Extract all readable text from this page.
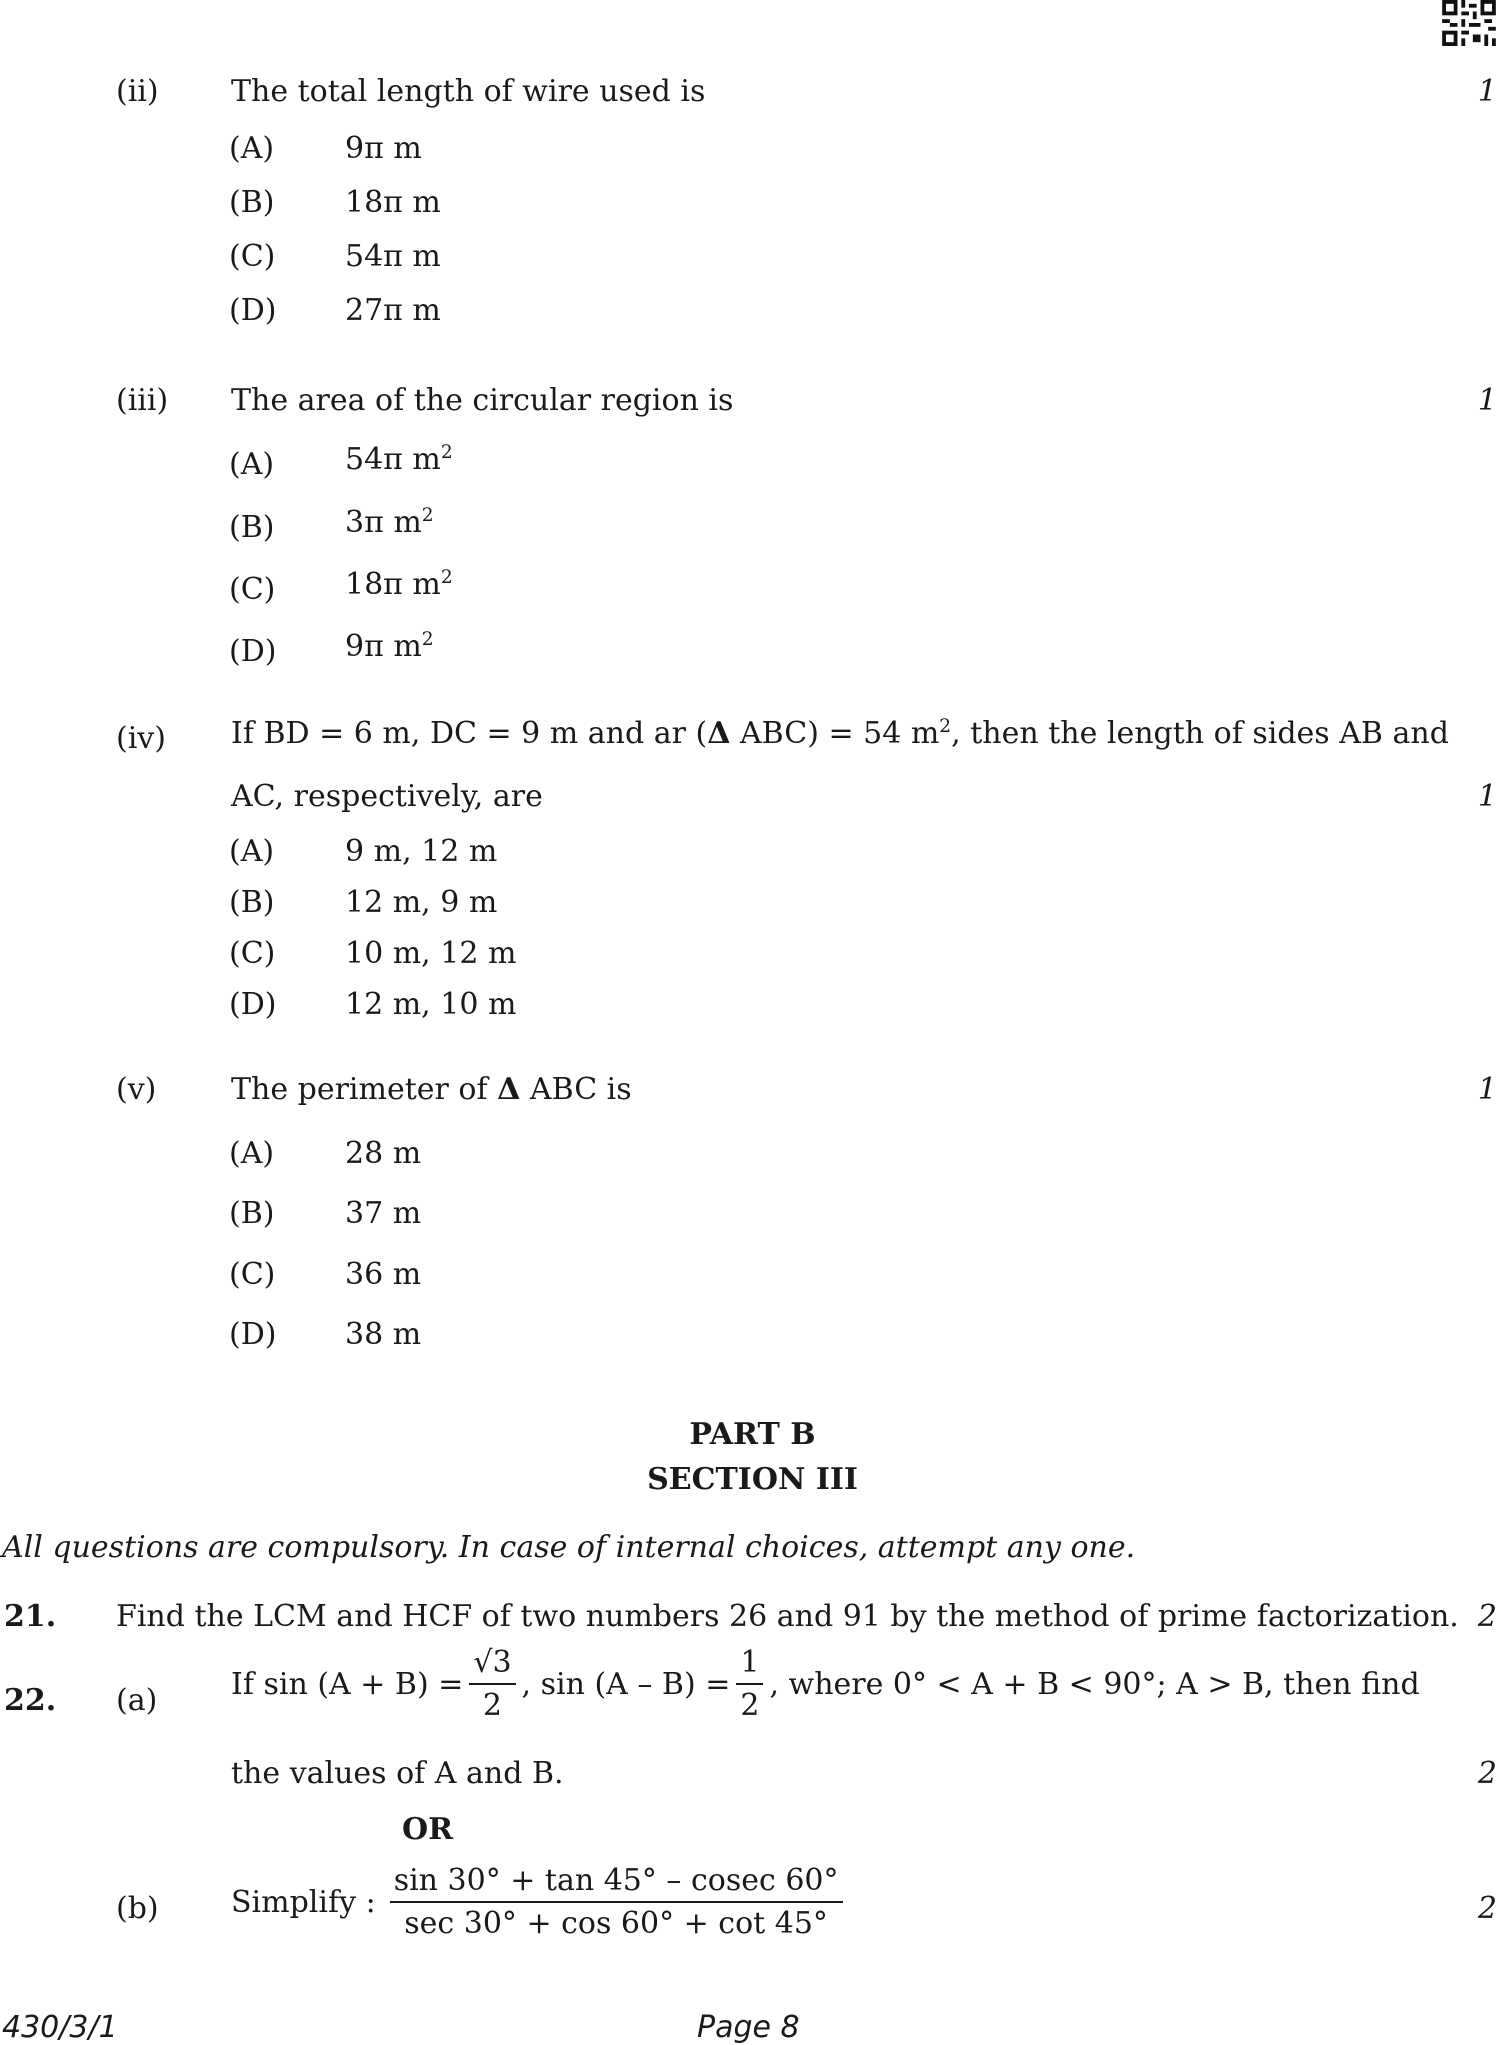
(ii) The total length of wire used is	1
(A) 9π m
(B) 18π m
(C) 54π m
(D) 27π m
(iii) The area of the circular region is	1
(A) 54π $m^2$
(B) 3π $m^2$
(C) 18π $m^2$
(D) 9π $m^2$
(iv) If BD = 6 m, DC = 9 m and ar (Δ ABC) = 54 $m^2$, then the length of sides AB and
AC, respectively, are	1
(A) 9 m, 12 m
(B) 12 m, 9 m
(C) 10 m, 12 m
(D) 12 m, 10 m
(v) The perimeter of Δ ABC is	1
(A) 28 m
(B) 37 m
(C) 36 m
(D) 38 m
PART B
SECTION III
All questions are compulsory. In case of internal choices, attempt any one.
21. Find the LCM and HCF of two numbers 26 and 91 by the method of prime factorization. 2
22. (a) If $\sin (A + B) = \frac{√3}{2}$ , $\sin (A - B) = \frac{1}{2}$ , where 0° < A + B < 90°; A > B, then find
the values of A and B.	2
OR
(b) Simplify : $\frac{\sin 30^\circ + \tan 45^\circ - cosec 60^\circ}{\sec 30^\circ + \cos 60^\circ + \cot 45^\circ}$	2
430/3/1	Page 8
